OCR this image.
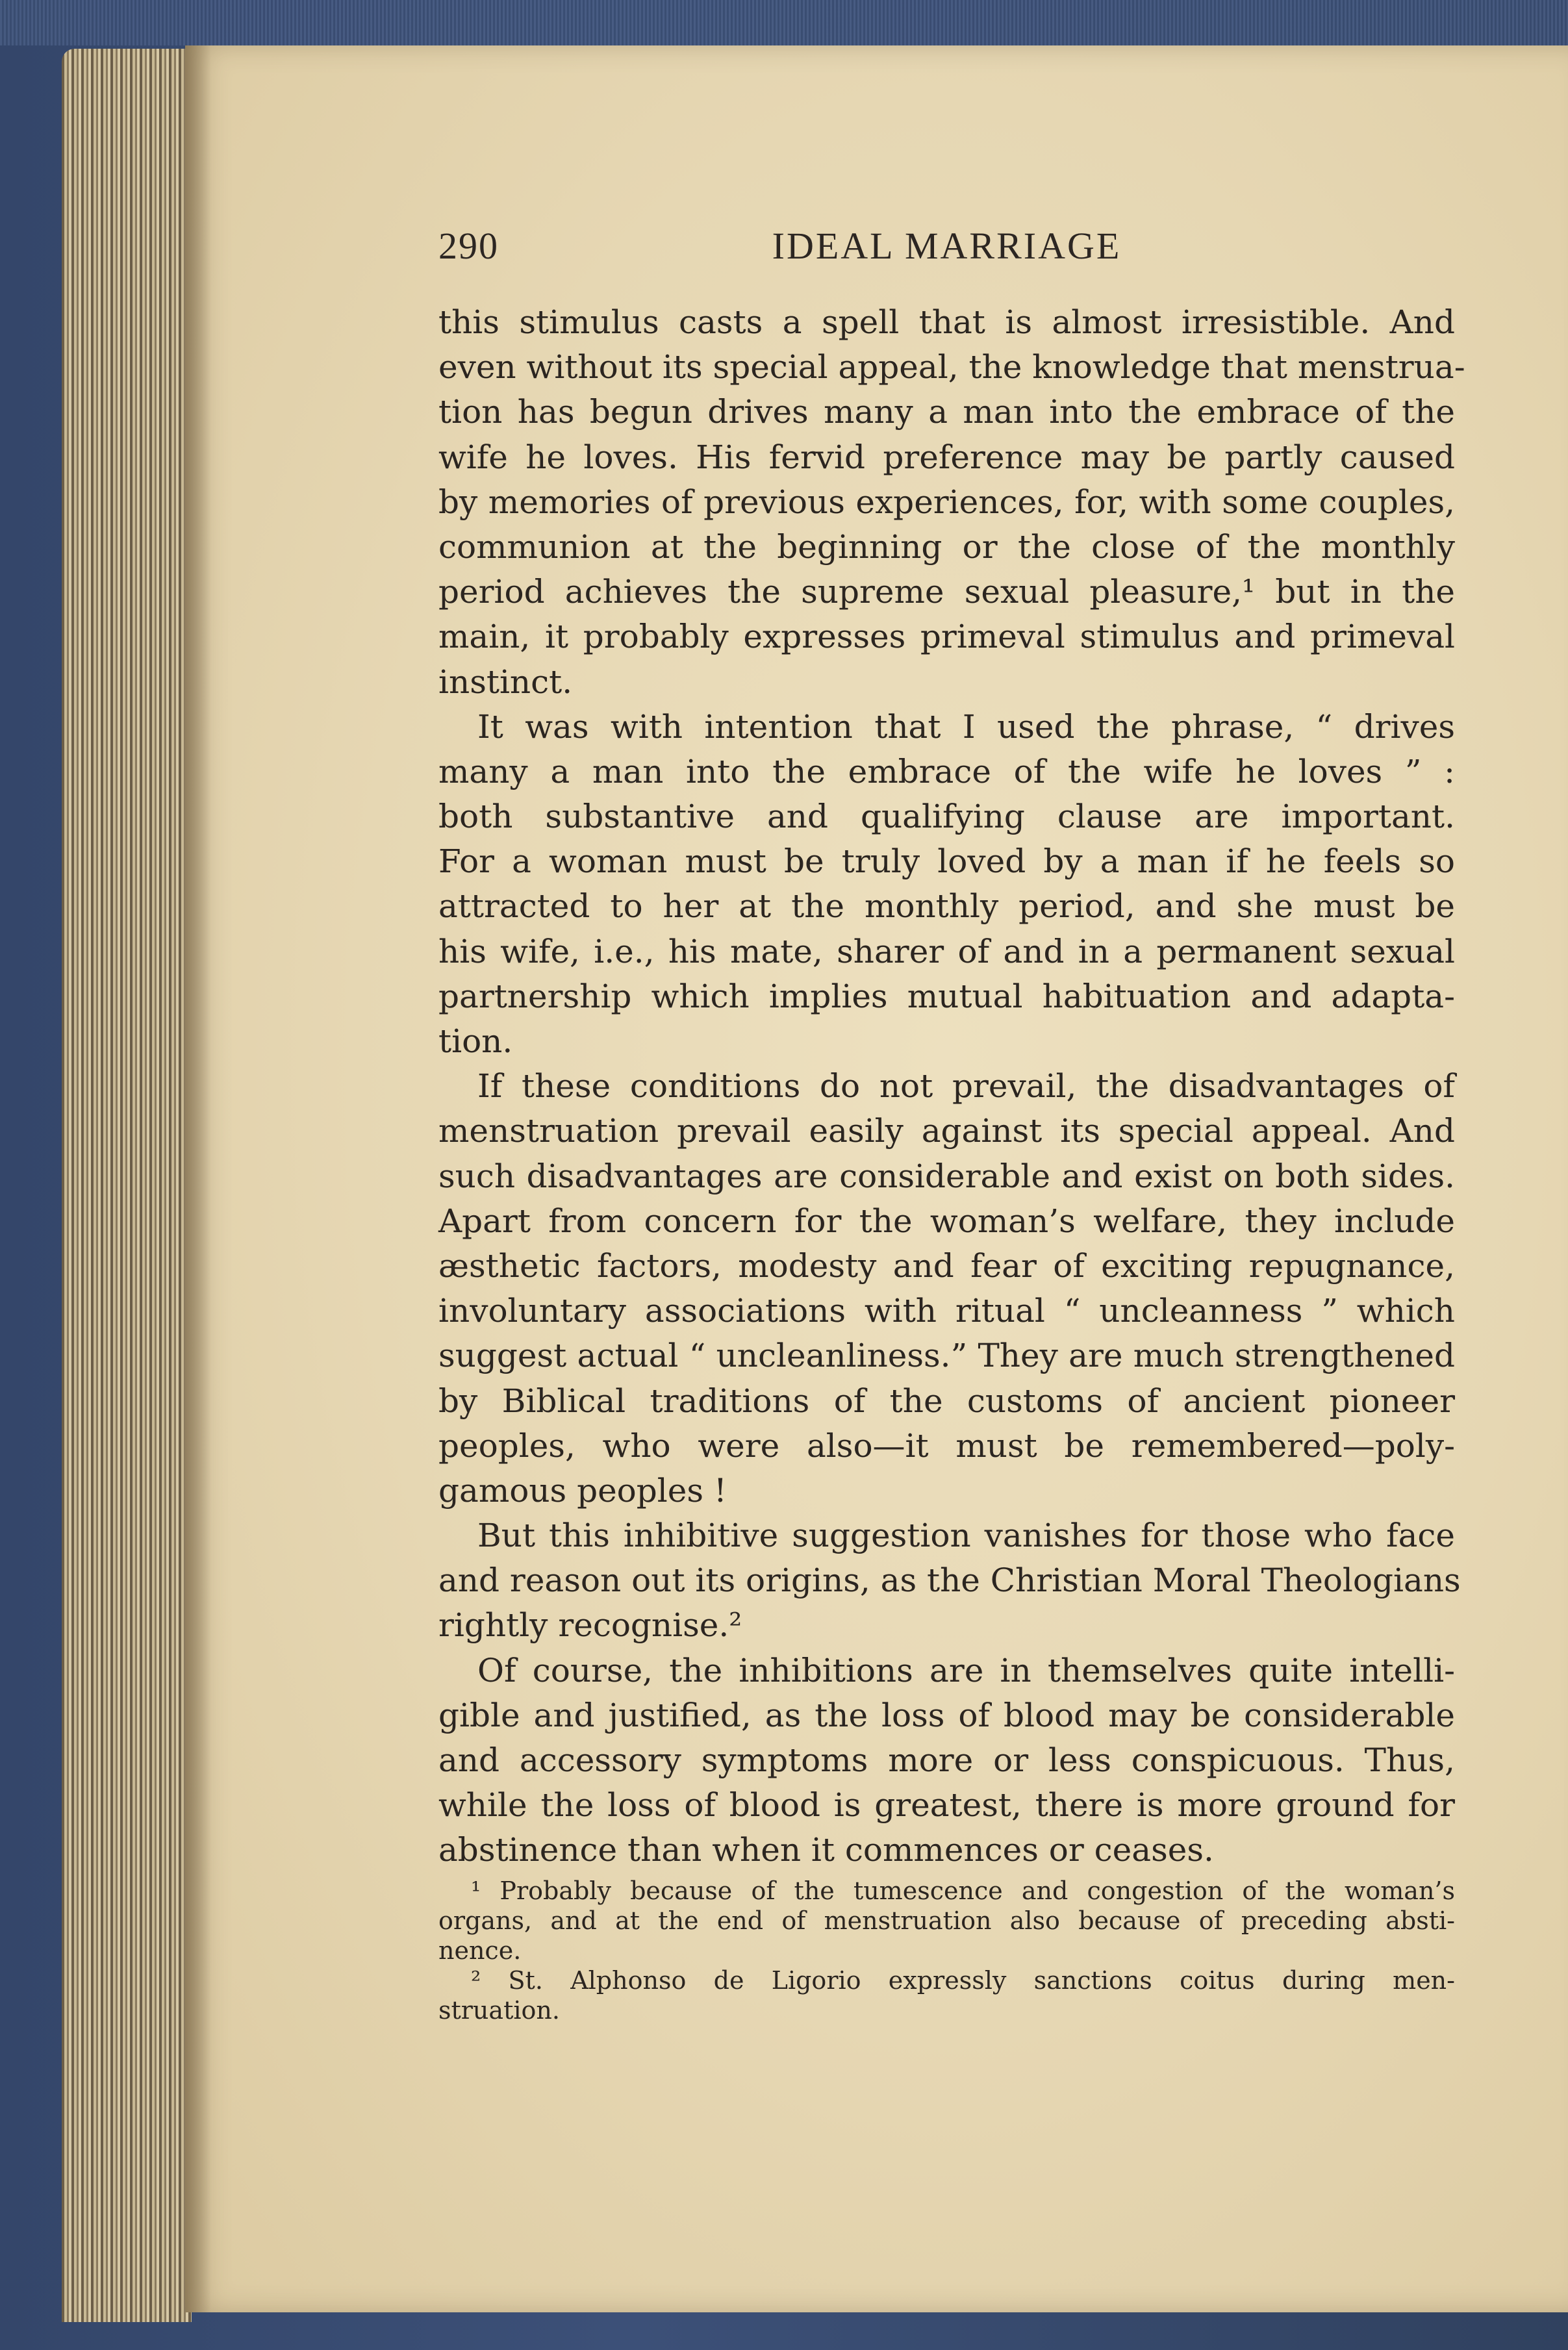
290	IDEAL MARRIAGE
this stimulus casts a spell that is almost irresistible. And
even without its special appeal, the knowledge that menstrua-
tion has begun drives many a man into the embrace of the
wife he loves. His fervid preference may be partly caused
by memories of previous experiences, for, with some couples,
communion at the beginning or the close of the monthly
period achieves the supreme sexual pleasure,¹ but in the
main, it probably expresses primeval stimulus and primeval
instinct.
It was with intention that I used the phrase, “ drives
many a man into the embrace of the wife he loves ” :
both substantive and qualifying clause are important.
For a woman must be truly loved by a man if he feels so
attracted to her at the monthly period, and she must be
his wife, i.e., his mate, sharer of and in a permanent sexual
partnership which implies mutual habituation and adapta-
tion.
If these conditions do not prevail, the disadvantages of
menstruation prevail easily against its special appeal. And
such disadvantages are considerable and exist on both sides.
Apart from concern for the woman’s welfare, they include
æsthetic factors, modesty and fear of exciting repugnance,
involuntary associations with ritual “ uncleanness ” which
suggest actual “ uncleanliness.” They are much strengthened
by Biblical traditions of the customs of ancient pioneer
peoples, who were also—it must be remembered—poly-
gamous peoples !
But this inhibitive suggestion vanishes for those who face
and reason out its origins, as the Christian Moral Theologians
rightly recognise.²
Of course, the inhibitions are in themselves quite intelli-
gible and justified, as the loss of blood may be considerable
and accessory symptoms more or less conspicuous. Thus,
while the loss of blood is greatest, there is more ground for
abstinence than when it commences or ceases.
¹ Probably because of the tumescence and congestion of the woman’s
organs, and at the end of menstruation also because of preceding absti-
nence.
² St. Alphonso de Ligorio expressly sanctions coitus during men-
struation.
